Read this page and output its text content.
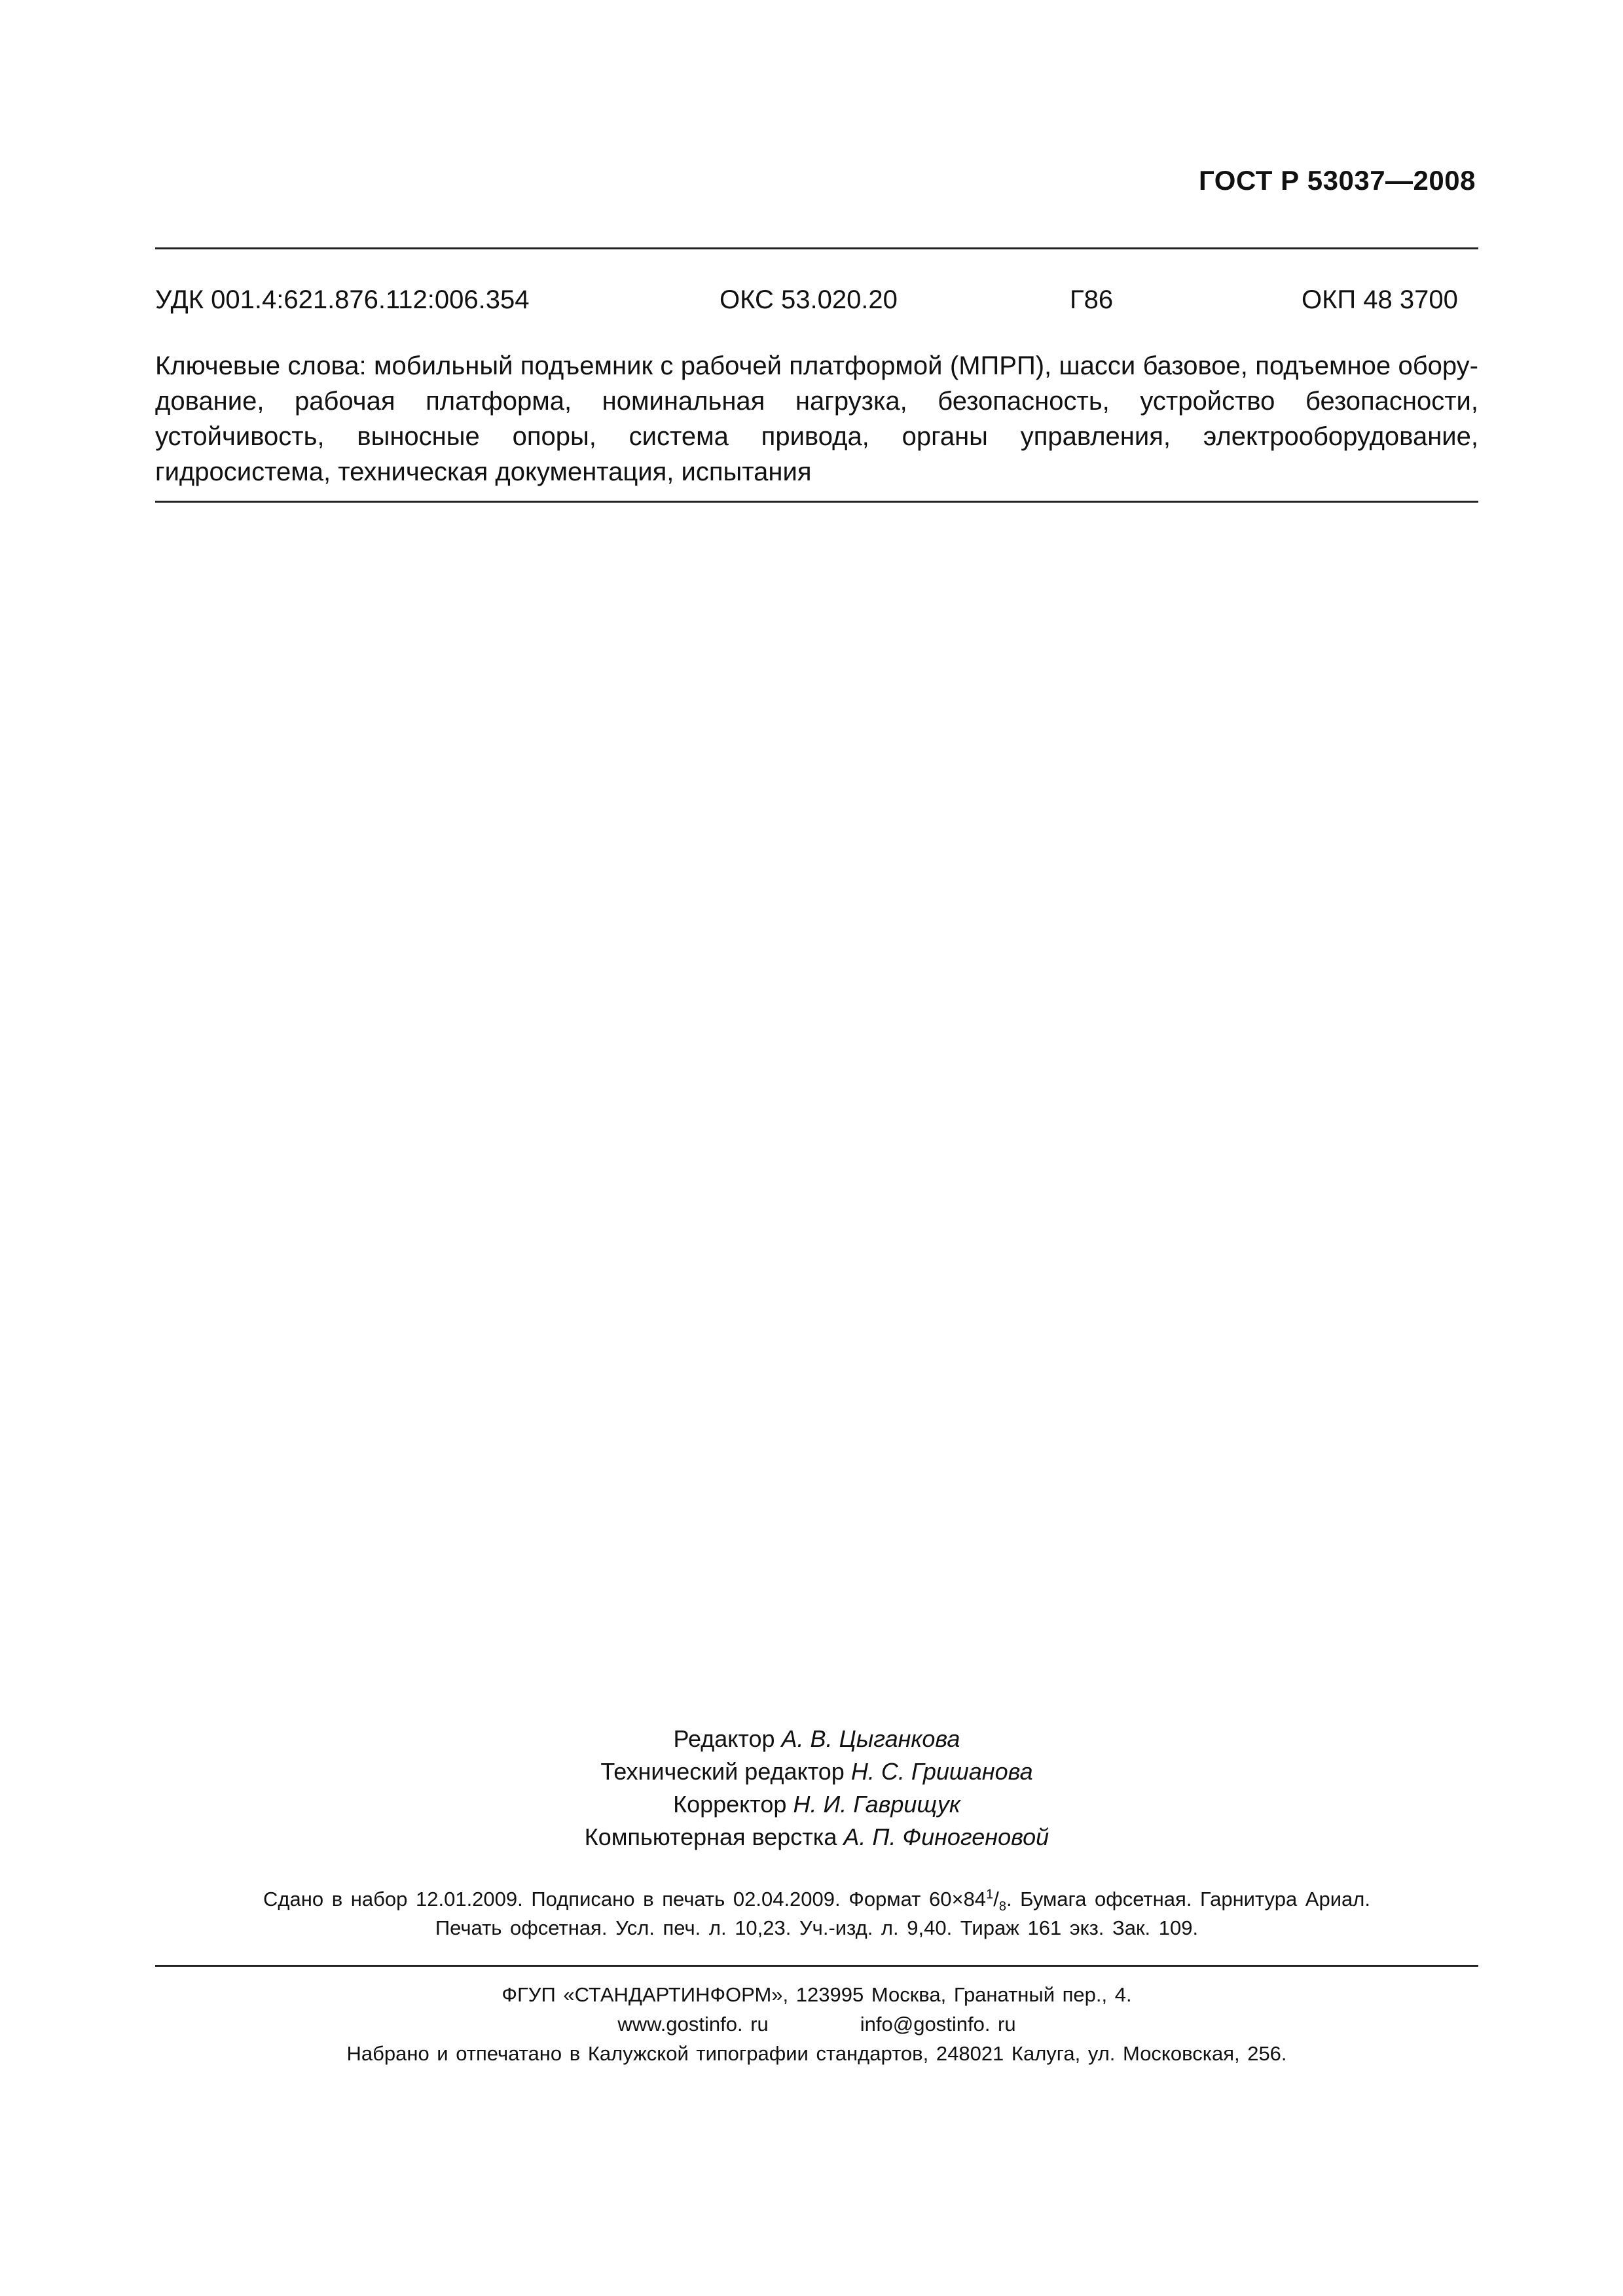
ГОСТ Р 53037—2008
УДК 001.4:621.876.112:006.354	ОКС 53.020.20	Г86	ОКП 48 3700

Ключевые слова: мобильный подъемник с рабочей платформой (МПРП), шасси базовое, подъемное обору-дование, рабочая платформа, номинальная нагрузка, безопасность, устройство безопасности, устойчивость, выносные опоры, система привода, органы управления, электрооборудование, гидросистема, техническая документация, испытания

Редактор А. В. Цыганкова
Технический редактор Н. С. Гришанова
Корректор Н. И. Гаврищук
Компьютерная верстка А. П. Финогеновой
Сдано в набор 12.01.2009. Подписано в печать 02.04.2009. Формат $60\times 84^1/_8$. Бумага офсетная. Гарнитура Ариал.
Печать офсетная. Усл. печ. л. 10,23. Уч.-изд. л. 9,40. Тираж 161 экз. Зак. 109.
ФГУП «СТАНДАРТИНФОРМ», 123995 Москва, Гранатный пер., 4.
www.gostinfo. ru	info@gostinfo. ru
Набрано и отпечатано в Калужской типографии стандартов, 248021 Калуга, ул. Московская, 256.
